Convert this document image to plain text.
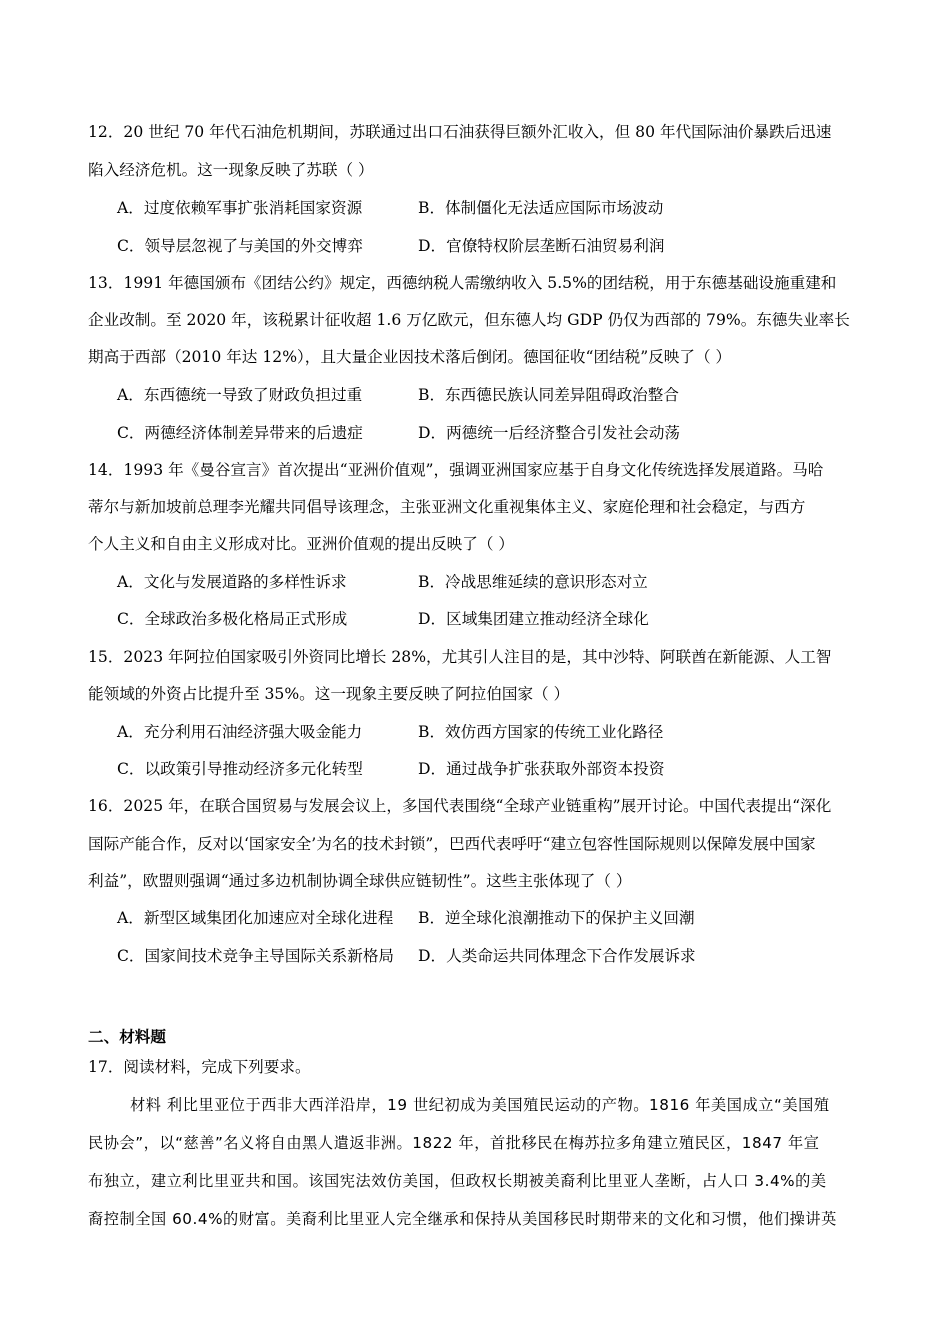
12．20 世纪 70 年代石油危机期间，苏联通过出口石油获得巨额外汇收入，但 80 年代国际油价暴跌后迅速
陷入经济危机。这一现象反映了苏联（ ）
A．过度依赖军事扩张消耗国家资源	B．体制僵化无法适应国际市场波动
C．领导层忽视了与美国的外交博弈	D．官僚特权阶层垄断石油贸易利润
13．1991 年德国颁布《团结公约》规定，西德纳税人需缴纳收入 5.5%的团结税，用于东德基础设施重建和
企业改制。至 2020 年，该税累计征收超 1.6 万亿欧元，但东德人均 GDP 仍仅为西部的 79%。东德失业率长
期高于西部（2010 年达 12%），且大量企业因技术落后倒闭。德国征收“团结税”反映了（ ）
A．东西德统一导致了财政负担过重	B．东西德民族认同差异阻碍政治整合
C．两德经济体制差异带来的后遗症	D．两德统一后经济整合引发社会动荡
14．1993 年《曼谷宣言》首次提出“亚洲价值观”，强调亚洲国家应基于自身文化传统选择发展道路。马哈
蒂尔与新加坡前总理李光耀共同倡导该理念，主张亚洲文化重视集体主义、家庭伦理和社会稳定，与西方
个人主义和自由主义形成对比。亚洲价值观的提出反映了（ ）
A．文化与发展道路的多样性诉求	B．冷战思维延续的意识形态对立
C．全球政治多极化格局正式形成	D．区域集团建立推动经济全球化
15．2023 年阿拉伯国家吸引外资同比增长 28%，尤其引人注目的是，其中沙特、阿联酋在新能源、人工智
能领域的外资占比提升至 35%。这一现象主要反映了阿拉伯国家（ ）
A．充分利用石油经济强大吸金能力	B．效仿西方国家的传统工业化路径
C．以政策引导推动经济多元化转型	D．通过战争扩张获取外部资本投资
16．2025 年，在联合国贸易与发展会议上，多国代表围绕“全球产业链重构”展开讨论。中国代表提出“深化
国际产能合作，反对以‘国家安全’为名的技术封锁”，巴西代表呼吁“建立包容性国际规则以保障发展中国家
利益”，欧盟则强调“通过多边机制协调全球供应链韧性”。这些主张体现了（ ）
A．新型区域集团化加速应对全球化进程 B．逆全球化浪潮推动下的保护主义回潮
C．国家间技术竞争主导国际关系新格局 D．人类命运共同体理念下合作发展诉求
二、材料题
17．阅读材料，完成下列要求。
材料 利比里亚位于西非大西洋沿岸，19 世纪初成为美国殖民运动的产物。1816 年美国成立“美国殖
民协会”，以“慈善”名义将自由黑人遣返非洲。1822 年，首批移民在梅苏拉多角建立殖民区，1847 年宣
布独立，建立利比里亚共和国。该国宪法效仿美国，但政权长期被美裔利比里亚人垄断，占人口 3.4%的美
裔控制全国 60.4%的财富。美裔利比里亚人完全继承和保持从美国移民时期带来的文化和习惯，他们操讲英
